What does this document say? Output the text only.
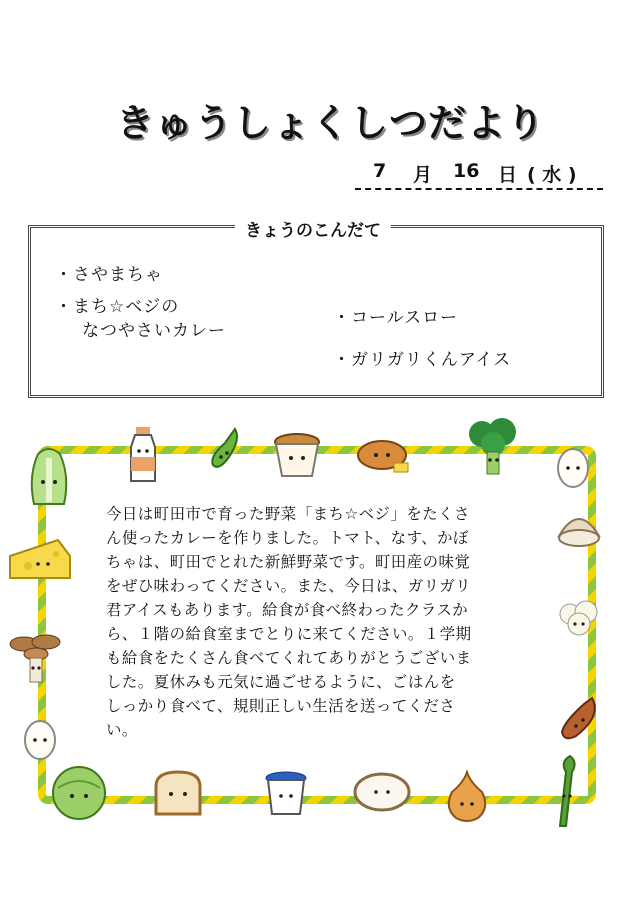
きゅうしょくしつだより
7 月 16 日 ( 水 )
きょうのこんだて
・さやまちゃ
・まち☆ベジの
なつやさいカレー
・コールスロー
・ガリガリくんアイス

今日は町田市で育った野菜「まち☆ベジ」をたくさ

ん使ったカレーを作りました。トマト、なす、かぼ

ちゃは、町田でとれた新鮮野菜です。町田産の味覚

をぜひ味わってください。また、今日は、ガリガリ

君アイスもあります。給食が食べ終わったクラスか

ら、１階の給食室までとりに来てください。１学期

も給食をたくさん食べてくれてありがとうございま

した。夏休みも元気に過ごせるように、ごはんを

しっかり食べて、規則正しい生活を送ってくださ

い。
